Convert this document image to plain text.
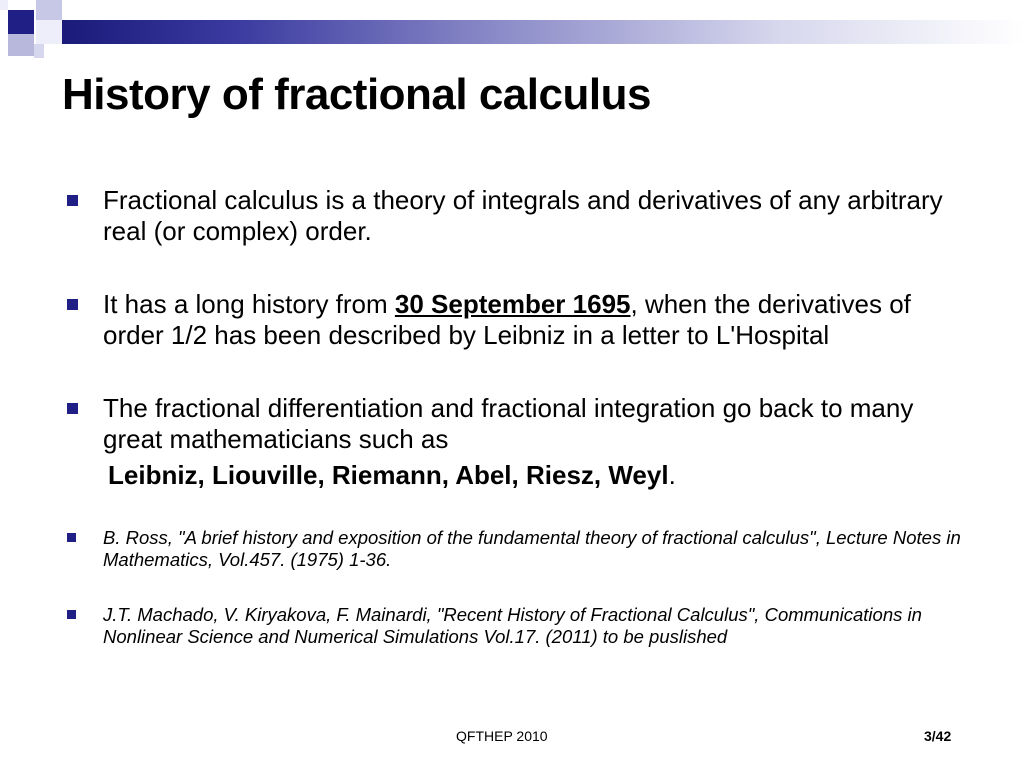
History of fractional calculus
Fractional calculus is a theory of integrals and derivatives of any arbitrary real (or complex) order.
It has a long history from 30 September 1695, when the derivatives of order 1/2 has been described by Leibniz in a letter to L'Hospital
The fractional differentiation and fractional integration go back to many great mathematicians such as
Leibniz, Liouville, Riemann, Abel, Riesz, Weyl.
B. Ross, "A brief history and exposition of the fundamental theory of fractional calculus", Lecture Notes in Mathematics, Vol.457. (1975) 1-36.
J.T. Machado, V. Kiryakova, F. Mainardi, "Recent History of Fractional Calculus", Communications in Nonlinear Science and Numerical Simulations Vol.17. (2011) to be puslished
QFTHEP 2010	3/42
